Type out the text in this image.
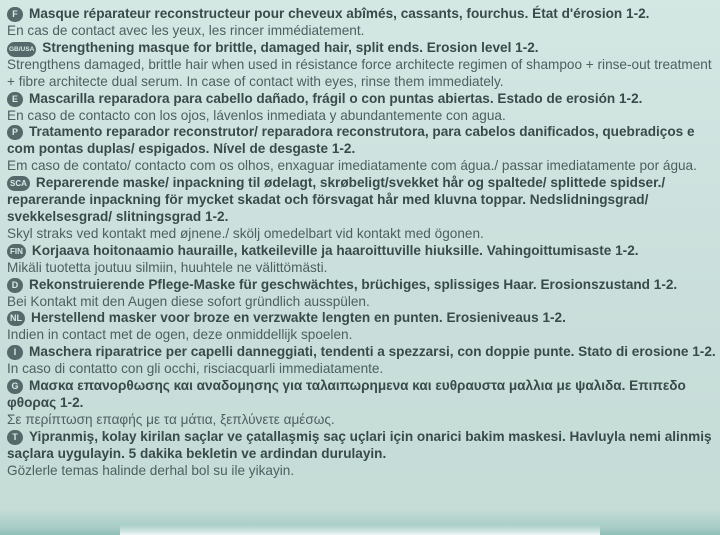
F Masque réparateur reconstructeur pour cheveux abîmés, cassants, fourchus. État d'érosion 1-2.
En cas de contact avec les yeux, les rincer immédiatement.
GB/USA Strengthening masque for brittle, damaged hair, split ends. Erosion level 1-2.
Strengthens damaged, brittle hair when used in résistance force architecte regimen of shampoo + rinse-out treatment + fibre architecte dual serum. In case of contact with eyes, rinse them immediately.
E Mascarilla reparadora para cabello dañado, frágil o con puntas abiertas. Estado de erosión 1-2.
En caso de contacto con los ojos, lávenlos inmediata y abundantemente con agua.
P Tratamento reparador reconstrutor/ reparadora reconstrutora, para cabelos danificados, quebradiços e com pontas duplas/ espigados. Nível de desgaste 1-2.
Em caso de contato/ contacto com os olhos, enxaguar imediatamente com água./ passar imediatamente por água.
SCA Reparerende maske/ inpackning til ødelagt, skrøbeligt/svekket hår og spaltede/ splittede spidser./ reparerande inpackning för mycket skadat och försvagat hår med kluvna toppar. Nedslidningsgrad/ svekkelsesgrad/ slitningsgrad 1-2.
Skyl straks ved kontakt med øjnene./ skölj omedelbart vid kontakt med ögonen.
FIN Korjaava hoitonaamio hauraille, katkeileville ja haaroittuville hiuksille. Vahingoittumisaste 1-2.
Mikäli tuotetta joutuu silmiin, huuhtele ne välittömästi.
D Rekonstruierende Pflege-Maske für geschwächtes, brüchiges, splissiges Haar. Erosionszustand 1-2.
Bei Kontakt mit den Augen diese sofort gründlich ausspülen.
NL Herstellend masker voor broze en verzwakte lengten en punten. Erosieniveaus 1-2.
Indien in contact met de ogen, deze onmiddellijk spoelen.
I Maschera riparatrice per capelli danneggiati, tendenti a spezzarsi, con doppie punte. Stato di erosione 1-2.
In caso di contatto con gli occhi, risciacquarli immediatamente.
G Μασκα επανορθωσης και αναδομησης για ταλαιπωρημενα και ευθραυστα μαλλια με ψαλιδα. Επιπεδο φθορας 1-2.
Σε περίπτωση επαφής με τα μάτια, ξεπλύνετε αμέσως.
T Yipranmiş, kolay kirilan saçlar ve çatallaşmiş saç uçlari için onarici bakim maskesi. Havluyla nemi alinmiş saçlara uygulayin. 5 dakika bekletin ve ardindan durulayin.
Gözlerle temas halinde derhal bol su ile yikayin.
